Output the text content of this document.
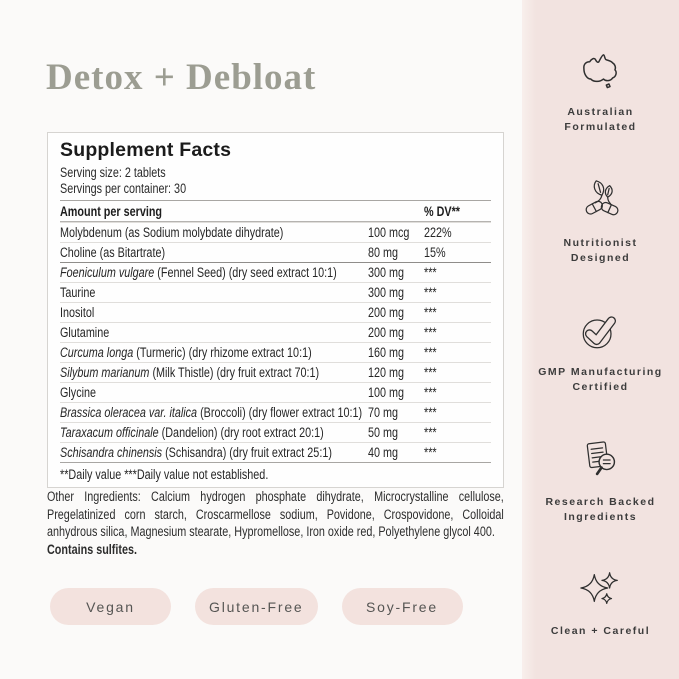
Detox + Debloat
Supplement Facts
Serving size: 2 tablets
Servings per container: 30
Amount per serving	% DV**
Molybdenum (as Sodium molybdate dihydrate)	100 mcg 222%
Choline (as Bitartrate)	80 mg 15%
Foeniculum vulgare (Fennel Seed) (dry seed extract 10:1) 300 mg ***
Taurine	300 mg ***
Inositol	200 mg ***
Glutamine	200 mg ***
Curcuma longa (Turmeric) (dry rhizome extract 10:1)	160 mg ***
Silybum marianum (Milk Thistle) (dry fruit extract 70:1)	120 mg ***
Glycine	100 mg ***
Brassica oleracea var. italica (Broccoli) (dry flower extract 10:1) 70 mg ***
Taraxacum officinale (Dandelion) (dry root extract 20:1)	50 mg ***
Schisandra chinensis (Schisandra) (dry fruit extract 25:1)	40 mg ***
**Daily value ***Daily value not established.
Other Ingredients: Calcium hydrogen phosphate dihydrate, Microcrystalline cellulose, Pregelatinized corn starch, Croscarmellose sodium, Povidone, Crospovidone, Colloidal anhydrous silica, Magnesium stearate, Hypromellose, Iron oxide red, Polyethylene glycol 400.
Contains sulfites.
Vegan	Gluten-Free	Soy-Free
Australian
Formulated
Nutritionist
Designed
GMP Manufacturing
Certified
Research Backed
Ingredients
Clean + Careful
